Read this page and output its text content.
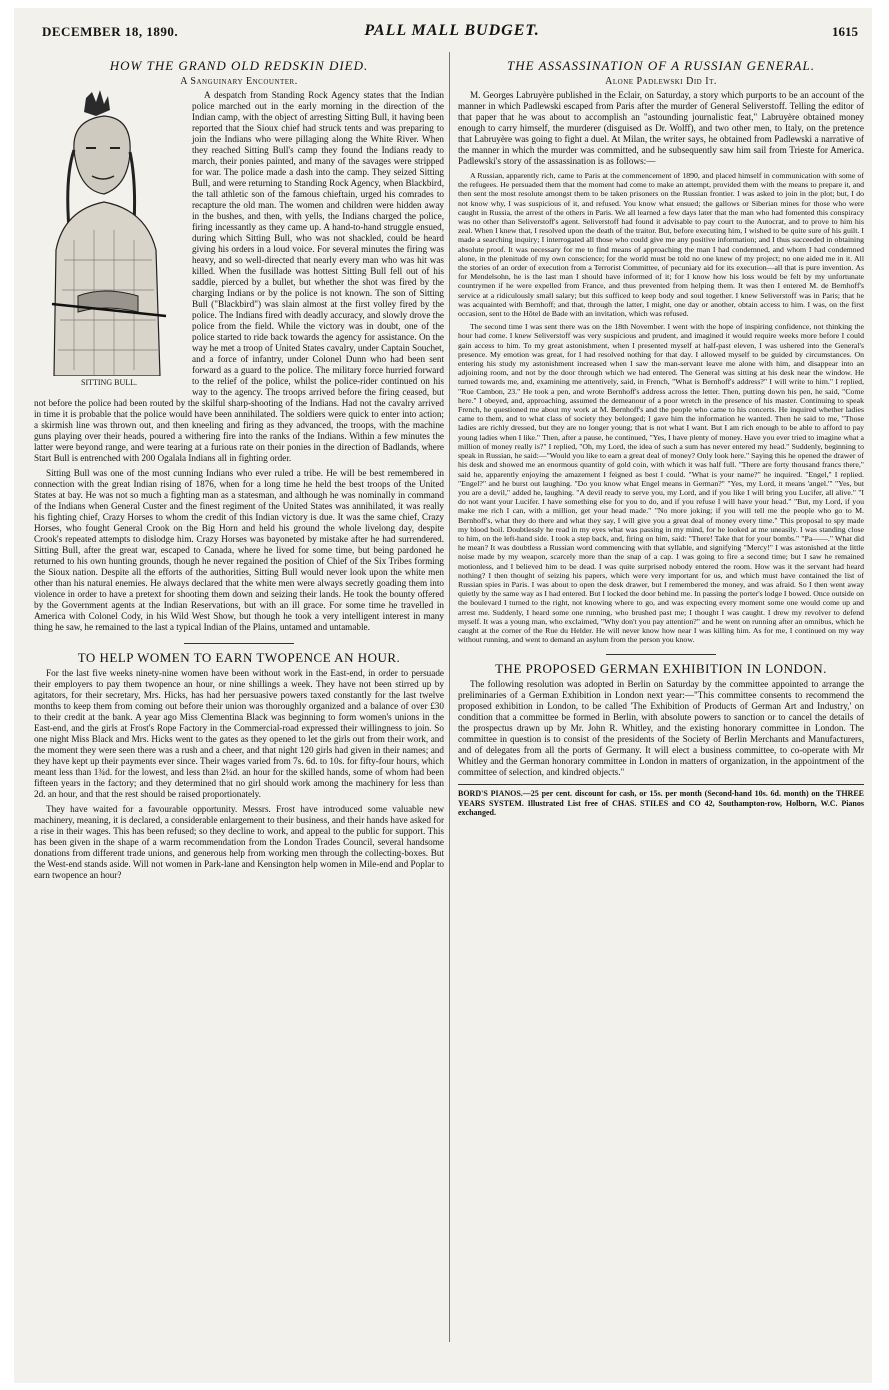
DECEMBER 18, 1890.	PALL MALL BUDGET.	1615
HOW THE GRAND OLD REDSKIN DIED.
A Sanguinary Encounter.
SITTING BULL.

A despatch from Standing Rock Agency states that the Indian police marched out in the early morning in the direction of the Indian camp, with the object of arresting Sitting Bull, it having been reported that the Sioux chief had struck tents and was preparing to join the Indians who were pillaging along the White River. When they reached Sitting Bull's camp they found the Indians ready to march, their ponies painted, and many of the savages were stripped for war. The police made a dash into the camp. They seized Sitting Bull, and were returning to Standing Rock Agency, when Blackbird, the tall athletic son of the famous chieftain, urged his comrades to recapture the old man. The women and children were hidden away in the bushes, and then, with yells, the Indians charged the police, firing incessantly as they came up. A hand-to-hand struggle ensued, during which Sitting Bull, who was not shackled, could be heard giving his orders in a loud voice. For several minutes the firing was heavy, and so well-directed that nearly every man who was hit was killed. When the fusillade was hottest Sitting Bull fell out of his saddle, pierced by a bullet, but whether the shot was fired by the charging Indians or by the police is not known. The son of Sitting Bull ("Blackbird") was slain almost at the first volley fired by the police. The Indians fired with deadly accuracy, and slowly drove the police from the field. While the victory was in doubt, one of the police started to ride back towards the agency for assistance. On the way he met a troop of United States cavalry, under Captain Souchet, and a force of infantry, under Colonel Dunn who had been sent forward as a guard to the police. The military force hurried forward to the relief of the police, whilst the police-rider continued on his way to the agency. The troops arrived before the firing ceased, but not before the police had been routed by the skilful sharp-shooting of the Indians. Had not the cavalry arrived in time it is probable that the police would have been annihilated. The soldiers were quick to enter into action; a skirmish line was thrown out, and then kneeling and firing as they advanced, the troops, with the machine guns playing over their heads, poured a withering fire into the ranks of the Indians. Within a few minutes the latter were beyond range, and were tearing at a furious rate on their ponies in the direction of Badlands, where Start Bull is entrenched with 200 Ogalala Indians all in fighting order.

Sitting Bull was one of the most cunning Indians who ever ruled a tribe. He will be best remembered in connection with the great Indian rising of 1876, when for a long time he held the best troops of the United States at bay. He was not so much a fighting man as a statesman, and although he was nominally in command of the Indians when General Custer and the finest regiment of the United States was annihilated, it was really his fighting chief, Crazy Horses to whom the credit of this Indian victory is due. It was the same chief, Crazy Horses, who fought General Crook on the Big Horn and held his ground the whole livelong day, despite Crook's repeated attempts to dislodge him. Crazy Horses was bayoneted by mistake after he had surrendered. Sitting Bull, after the great war, escaped to Canada, where he lived for some time, but being pardoned he returned to his own hunting grounds, though he never regained the position of Chief of the Six Tribes forming the Sioux nation. Despite all the efforts of the authorities, Sitting Bull would never look upon the white men other than his natural enemies. He always declared that the white men were always secretly goading them into violence in order to have a pretext for shooting them down and seizing their lands. He took the bounty offered by the Government agents at the Indian Reservations, but with an ill grace. For some time he travelled in America with Colonel Cody, in his Wild West Show, but though he took a very intelligent interest in many thing he saw, he remained to the last a typical Indian of the Plains, untamed and untamable.

TO HELP WOMEN TO EARN TWOPENCE AN HOUR.

For the last five weeks ninety-nine women have been without work in the East-end, in order to persuade their employers to pay them twopence an hour, or nine shillings a week. They have not been stirred up by agitators, for their secretary, Mrs. Hicks, has had her persuasive powers taxed constantly for the last twelve months to keep them from coming out before their union was thoroughly organized and a balance of over £30 to their credit at the bank. A year ago Miss Clementina Black was beginning to form women's unions in the East-end, and the girls at Frost's Rope Factory in the Commercial-road expressed their willingness to join. So one night Miss Black and Mrs. Hicks went to the gates as they opened to let the girls out from their work, and the moment they were seen there was a rush and a cheer, and that night 120 girls had given in their names; and they have kept up their payments ever since. Their wages varied from 7s. 6d. to 10s. for fifty-four hours, which meant less than 1¾d. for the lowest, and less than 2¼d. an hour for the skilled hands, some of whom had been fifteen years in the factory; and they determined that no girl should work among the machinery for less than 2d. an hour, and that the rest should be raised proportionately.

They have waited for a favourable opportunity. Messrs. Frost have introduced some valuable new machinery, meaning, it is declared, a considerable enlargement to their business, and their hands have asked for a rise in their wages. This has been refused; so they decline to work, and appeal to the public for support. This has been given in the shape of a warm recommendation from the London Trades Council, several handsome donations from different trade unions, and generous help from working men through the collecting-boxes. But the West-end stands aside. Will not women in Park-lane and Kensington help women in Mile-end and Poplar to earn twopence an hour?

THE ASSASSINATION OF A RUSSIAN GENERAL.
Alone Padlewski Did It.

M. Georges Labruyère published in the Eclair, on Saturday, a story which purports to be an account of the manner in which Padlewski escaped from Paris after the murder of General Seliverstoff. Telling the editor of that paper that he was about to accomplish an "astounding journalistic feat," Labruyère obtained money enough to carry himself, the murderer (disguised as Dr. Wolff), and two other men, to Italy, on the pretence that Labruyère was going to fight a duel. At Milan, the writer says, he obtained from Padlewski a narrative of the manner in which the murder was committed, and he subsequently saw him sail from Trieste for America. Padlewski's story of the assassination is as follows:—

A Russian, apparently rich, came to Paris at the commencement of 1890, and placed himself in communication with some of the refugees. He persuaded them that the moment had come to make an attempt, provided them with the means to prepare it, and then sent the most resolute amongst them to be taken prisoners on the Russian frontier. I was asked to join in the plot; but, I do not know why, I was suspicious of it, and refused. You know what ensued; the gallows or Siberian mines for those who were caught in Russia, the arrest of the others in Paris. We all learned a few days later that the man who had fomented this conspiracy was no other than Seliverstoff's agent. Seliverstoff had found it advisable to pay court to the Autocrat, and to prove to him his zeal. When I knew that, I resolved upon the death of the traitor. But, before executing him, I wished to be quite sure of his guilt. I made a searching inquiry; I interrogated all those who could give me any positive information; and I thus succeeded in obtaining absolute proof. It was necessary for me to find means of approaching the man I had condemned, and whom I had condemned alone, in the plenitude of my own conscience; for the world must be told no one knew of my project; no one aided me in it. All the stories of an order of execution from a Terrorist Committee, of pecuniary aid for its execution—all that is pure invention. As for Mendelsohn, he is the last man I should have informed of it; for I know how his loss would be felt by my unfortunate countrymen if he were expelled from France, and thus prevented from helping them. It was then I entered M. de Bernhoff's service at a ridiculously small salary; but this sufficed to keep body and soul together. I knew Seliverstoff was in Paris; that he was acquainted with Bernhoff; and that, through the latter, I might, one day or another, obtain access to him. I was, on the first occasion, sent to the Hôtel de Bade with an invitation, which was refused.

The second time I was sent there was on the 18th November. I went with the hope of inspiring confidence, not thinking the hour had come. I knew Seliverstoff was very suspicious and prudent, and imagined it would require weeks more before I could gain access to him. To my great astonishment, when I presented myself at half-past eleven, I was ushered into the General's presence. My emotion was great, for I had resolved nothing for that day. I allowed myself to be guided by circumstances. On entering his study my astonishment increased when I saw the man-servant leave me alone with him, and disappear into an adjoining room, and not by the door through which we had entered. The General was sitting at his desk near the window. He turned towards me, and, examining me attentively, said, in French, "What is Bernhoff's address?" I will write to him." I replied, "Rue Cambon, 23." He took a pen, and wrote Bernhoff's address across the letter. Then, putting down his pen, he said, "Come here." I obeyed, and, approaching, assumed the demeanour of a poor wretch in the presence of his master. Continuing to speak French, he questioned me about my work at M. Bernhoff's and the people who came to his concerts. He inquired whether ladies came to them, and to what class of society they belonged; I gave him the information he wanted. Then he said to me, "Those ladies are richly dressed, but they are no longer young; that is not what I want. But I am rich enough to be able to afford to pay young ladies when I like." Then, after a pause, he continued, "Yes, I have plenty of money. Have you ever tried to imagine what a million of money really is?" I replied, "Oh, my Lord, the idea of such a sum has never entered my head." Suddenly, beginning to speak in Russian, he said:—"Would you like to earn a great deal of money? Only look here." Saying this he opened the drawer of his desk and showed me an enormous quantity of gold coin, with which it was half full. "There are forty thousand francs there," said he, apparently enjoying the amazement I feigned as best I could. "What is your name?" he inquired. "Engel," I replied. "Engel?" and he burst out laughing. "Do you know what Engel means in German?" "Yes, my Lord, it means 'angel.'" "Yes, but you are a devil," added he, laughing. "A devil ready to serve you, my Lord, and if you like I will bring you Lucifer, all alive." "I do not want your Lucifer. I have something else for you to do, and if you refuse I will have your head." "But, my Lord, if you make me rich I can, with a million, get your head made." "No more joking; if you will tell me the people who go to M. Bernhoff's, what they do there and what they say, I will give you a great deal of money every time." This proposal to spy made my blood boil. Doubtlessly he read in my eyes what was passing in my mind, for he looked at me uneasily. I was standing close to him, on the left-hand side. I took a step back, and, firing on him, said: "There! Take that for your bombs." "Pa——." What did he mean? It was doubtless a Russian word commencing with that syllable, and signifying "Mercy!" I was astonished at the little noise made by my weapon, scarcely more than the snap of a cap. I was going to fire a second time; but I saw he remained motionless, and I believed him to be dead. I was quite surprised nobody entered the room. How was it the servant had heard nothing? I then thought of seizing his papers, which were very important for us, and which must have contained the list of Russian spies in Paris. I was about to open the desk drawer, but I remembered the money, and was afraid. So I then went away quietly by the same way as I had entered. But I locked the door behind me. In passing the porter's lodge I bowed. Once outside on the boulevard I turned to the right, not knowing where to go, and was expecting every moment some one would come up and arrest me. Suddenly, I heard some one running, who brushed past me; I thought I was caught. I drew my revolver to defend myself. It was a young man, who exclaimed, "Why don't you pay attention?" and he went on running after an omnibus, which he caught at the corner of the Rue du Helder. He will never know how near I was killing him. As for me, I continued on my way without running, and went to demand an asylum from the person you know.

THE PROPOSED GERMAN EXHIBITION IN LONDON.

The following resolution was adopted in Berlin on Saturday by the committee appointed to arrange the preliminaries of a German Exhibition in London next year:—"This committee consents to recommend the proposed exhibition in London, to be called 'The Exhibition of Products of German Art and Industry,' on condition that a committee be formed in Berlin, with absolute powers to sanction or to cancel the details of the prospectus drawn up by Mr. John R. Whitley, and the existing honorary committee in London. The committee in question is to consist of the presidents of the Society of Berlin Merchants and Manufacturers, and of delegates from all the ports of Germany. It will elect a business committee, to co-operate with Mr Whitley and the German honorary committee in London in matters of organization, in the appointment of the committee of selection, and kindred objects."

BORD'S PIANOS.—25 per cent. discount for cash, or 15s. per month (Second-hand 10s. 6d. month) on the THREE YEARS SYSTEM. Illustrated List free of CHAS. STILES and CO 42, Southampton-row, Holborn, W.C. Pianos exchanged.
